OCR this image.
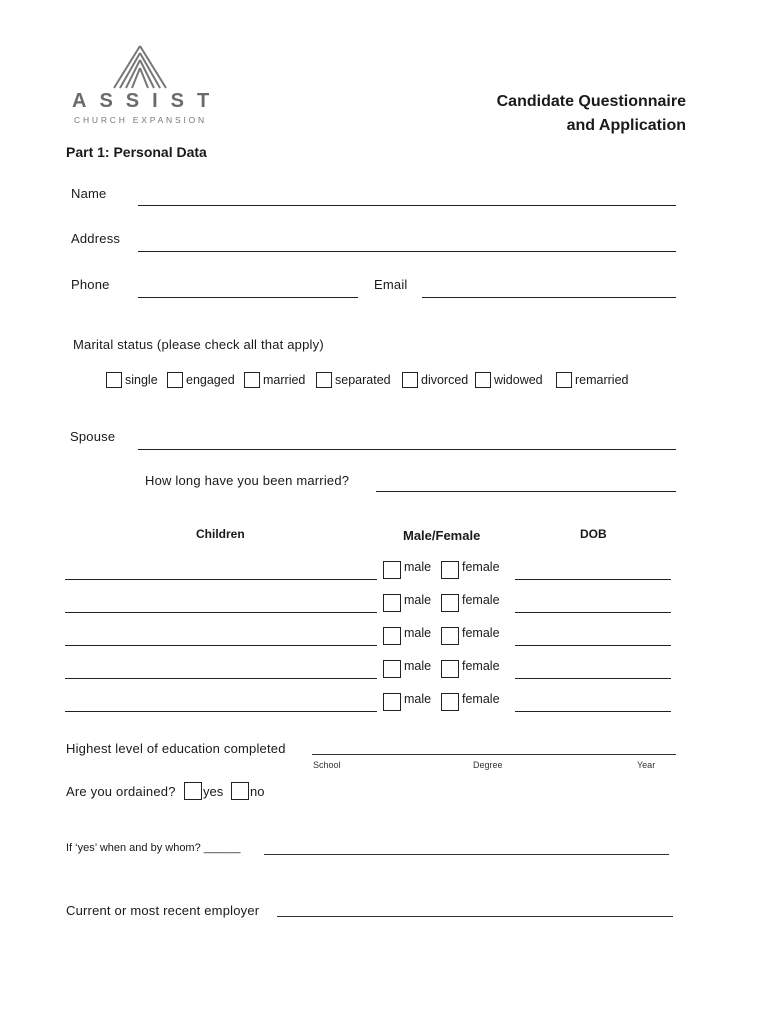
ASSIST
CHURCH EXPANSION
Candidate Questionnaire
and Application
Part 1: Personal Data
Name
Address
Phone	Email
Marital status (please check all that apply)
single engaged married separated divorced widowed	remarried
Spouse
How long have you been married?
Children	Male/Female	DOB
male female
male female
male female
male female
male female
Highest level of education completed
School	Degree	Year
Are you ordained? yes no
If ‘yes’ when and by whom? ______
Current or most recent employer
